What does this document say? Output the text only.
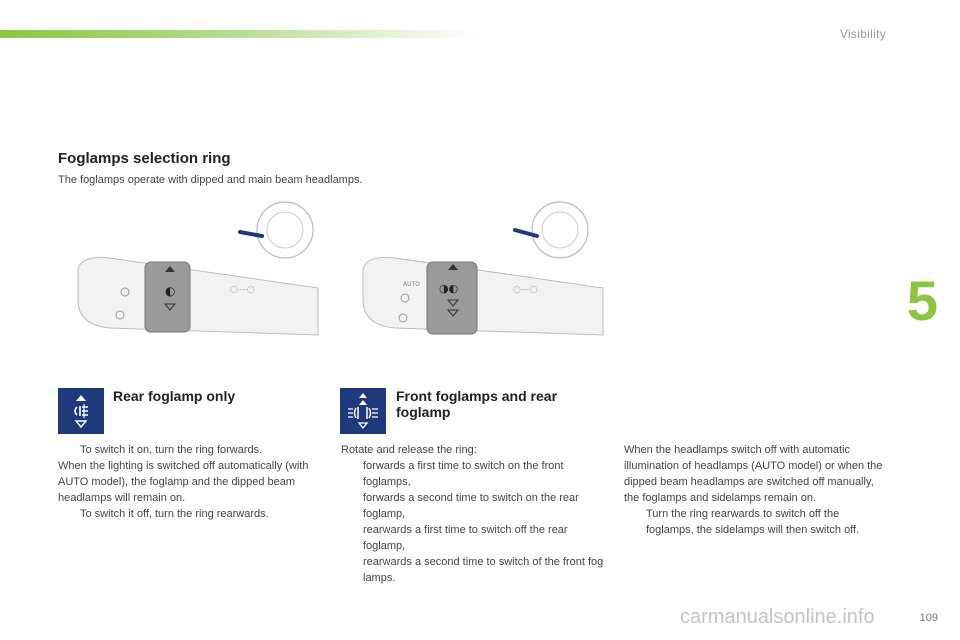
Visibility
5
Foglamps selection ring
The foglamps operate with dipped and main beam headlamps.
◐	○—○	◑◐
AUTO
○—○
Rear foglamp only

To switch it on, turn the ring forwards.

When the lighting is switched off automatically (with AUTO model), the foglamp and the dipped beam headlamps will remain on.

To switch it off, turn the ring rearwards.

Front foglamps and rear foglamp

Rotate and release the ring:

forwards a first time to switch on the front foglamps,

forwards a second time to switch on the rear foglamp,

rearwards a first time to switch off the rear foglamp,

rearwards a second time to switch of the front fog lamps.

When the headlamps switch off with automatic illumination of headlamps (AUTO model) or when the dipped beam headlamps are switched off manually, the foglamps and sidelamps remain on.

Turn the ring rearwards to switch off the foglamps, the sidelamps will then switch off.

carmanualsonline.info	109
